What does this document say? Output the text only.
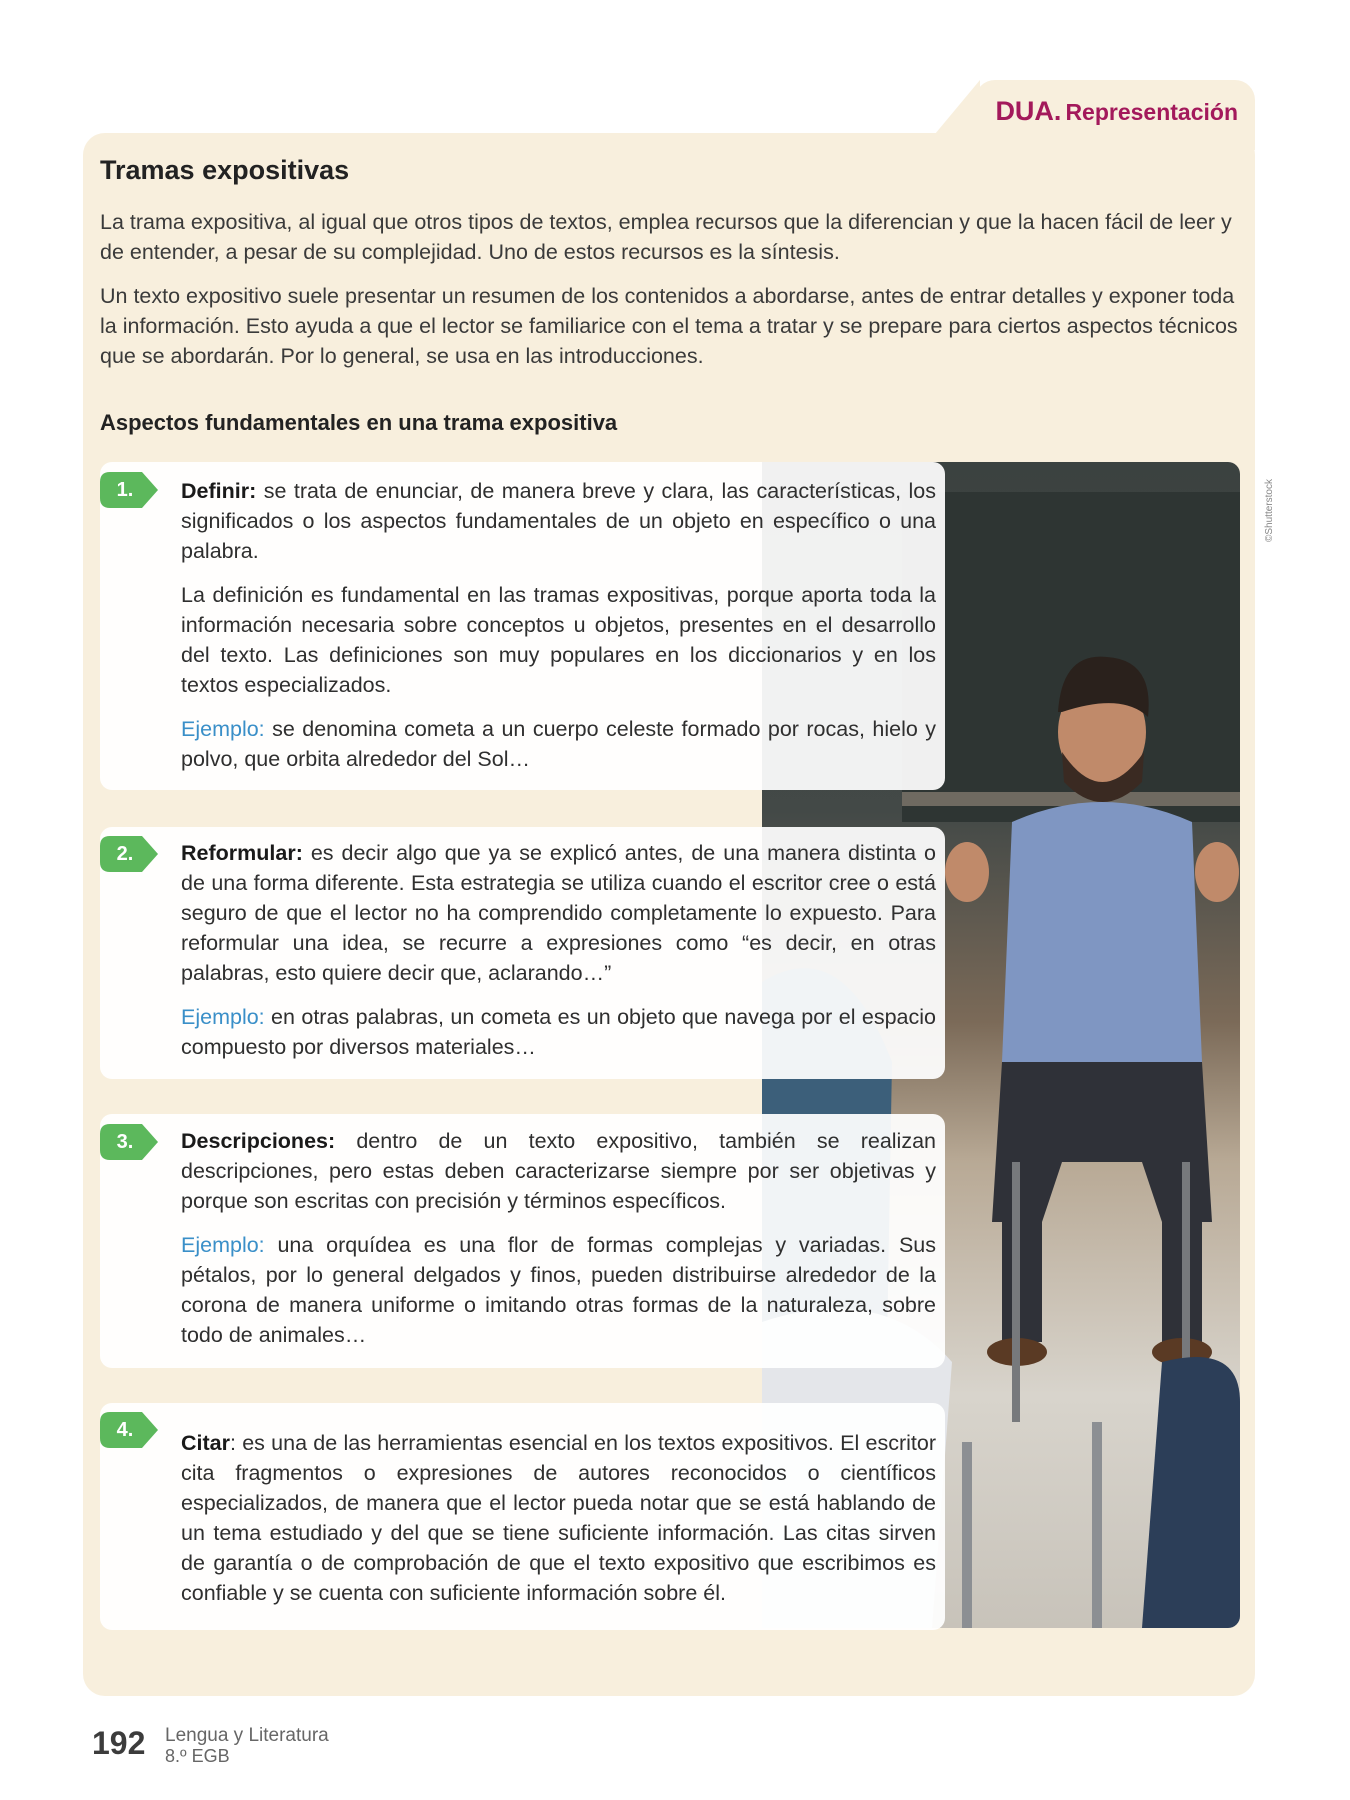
DUA. Representación
Tramas expositivas

La trama expositiva, al igual que otros tipos de textos, emplea recursos que la diferencian y que la hacen fácil de leer y de entender, a pesar de su complejidad. Uno de estos recursos es la síntesis.

Un texto expositivo suele presentar un resumen de los contenidos a abordarse, antes de entrar detalles y exponer toda la información. Esto ayuda a que el lector se familiarice con el tema a tratar y se prepare para ciertos aspectos técnicos que se abordarán. Por lo general, se usa en las introducciones.

Aspectos fundamentales en una trama expositiva
©Shutterstock
1.	Definir: se trata de enunciar, de manera breve y clara, las características, los significados o los aspectos fundamentales de un objeto en específico o una palabra.

La definición es fundamental en las tramas expositivas, porque aporta toda la información necesaria sobre conceptos u objetos, presentes en el desarrollo del texto. Las definiciones son muy populares en los diccionarios y en los textos especializados.

Ejemplo: se denomina cometa a un cuerpo celeste formado por rocas, hielo y polvo, que orbita alrededor del Sol…

2.	Reformular: es decir algo que ya se explicó antes, de una manera distinta o de una forma diferente. Esta estrategia se utiliza cuando el escritor cree o está seguro de que el lector no ha comprendido completamente lo expuesto. Para reformular una idea, se recurre a expresiones como “es decir, en otras palabras, esto quiere decir que, aclarando…”

Ejemplo: en otras palabras, un cometa es un objeto que navega por el espacio compuesto por diversos materiales…

3.	Descripciones: dentro de un texto expositivo, también se realizan descripciones, pero estas deben caracterizarse siempre por ser objetivas y porque son escritas con precisión y términos específicos.

Ejemplo: una orquídea es una flor de formas complejas y variadas. Sus pétalos, por lo general delgados y finos, pueden distribuirse alrededor de la corona de manera uniforme o imitando otras formas de la naturaleza, sobre todo de animales…

4.

Citar: es una de las herramientas esencial en los textos expositivos. El escritor cita fragmentos o expresiones de autores reconocidos o científicos especializados, de manera que el lector pueda notar que se está hablando de un tema estudiado y del que se tiene suficiente información. Las citas sirven de garantía o de comprobación de que el texto expositivo que escribimos es confiable y se cuenta con suficiente información sobre él.

192 Lengua y Literatura
8.º EGB
